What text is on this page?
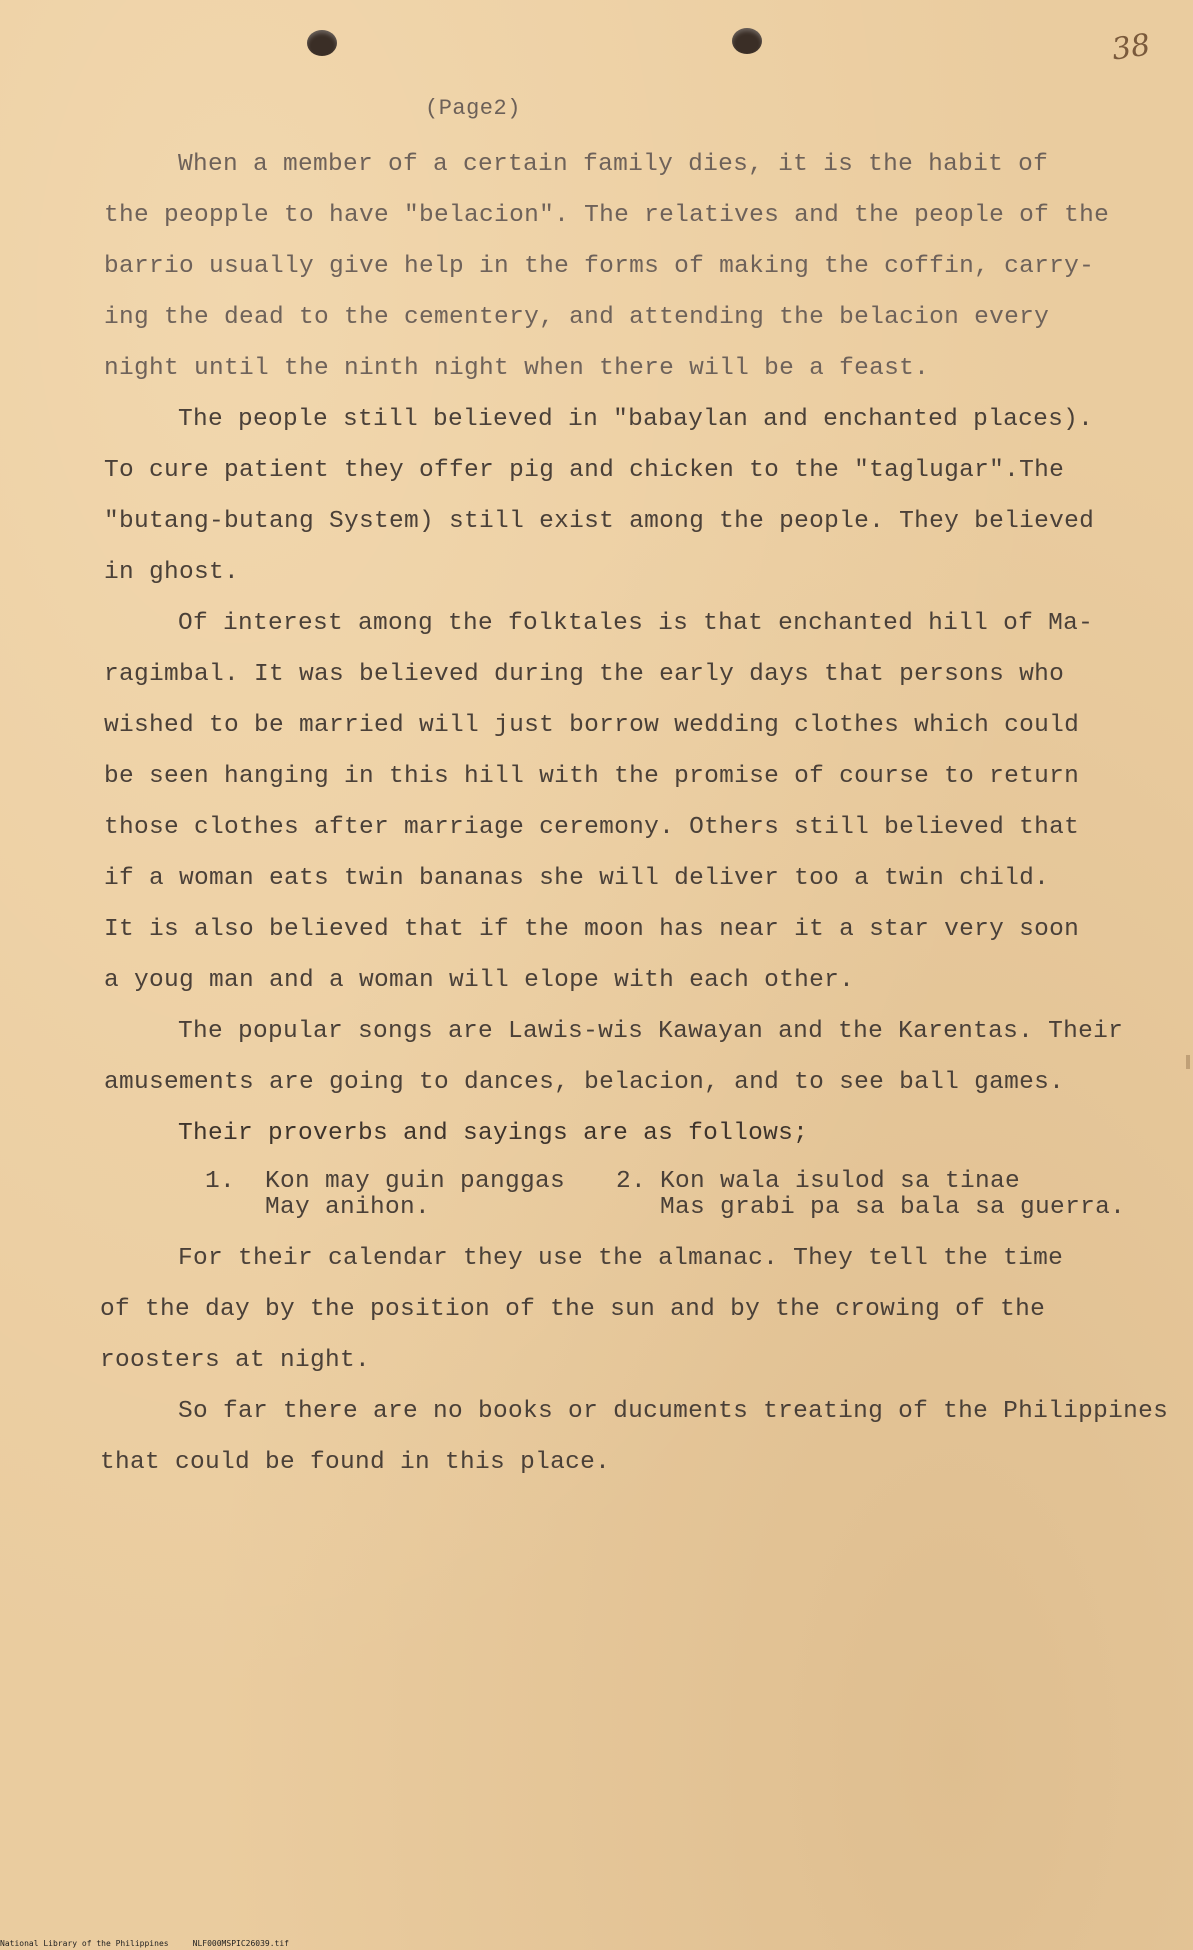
38
(Page2)
When a member of a certain family dies, it is the habit of
the peopple to have "belacion". The relatives and the people of the
barrio usually give help in the forms of making the coffin, carry-
ing the dead to the cementery, and attending the belacion every
night until the ninth night when there will be a feast.
The people still believed in "babaylan and enchanted places).
To cure patient they offer pig and chicken to the "taglugar".The
"butang-butang System) still exist among the people. They believed
in ghost.
Of interest among the folktales is that enchanted hill of Ma-
ragimbal. It was believed during the early days that persons who
wished to be married will just borrow wedding clothes which could
be seen hanging in this hill with the promise of course to return
those clothes after marriage ceremony. Others still believed that
if a woman eats twin bananas she will deliver too a twin child.
It is also believed that if the moon has near it a star very soon
a youg man and a woman will elope with each other.
The popular songs are Lawis-wis Kawayan and the Karentas. Their
amusements are going to dances, belacion, and to see ball games.
Their proverbs and sayings are as follows;
1. Kon may guin panggas
May anihon.
2. Kon wala isulod sa tinae
Mas grabi pa sa bala sa guerra.
For their calendar they use the almanac. They tell the time
of the day by the position of the sun and by the crowing of the
roosters at night.
So far there are no books or ducuments treating of the Philippines
that could be found in this place.
National Library of the Philippines     NLF000MSPIC26039.tif
